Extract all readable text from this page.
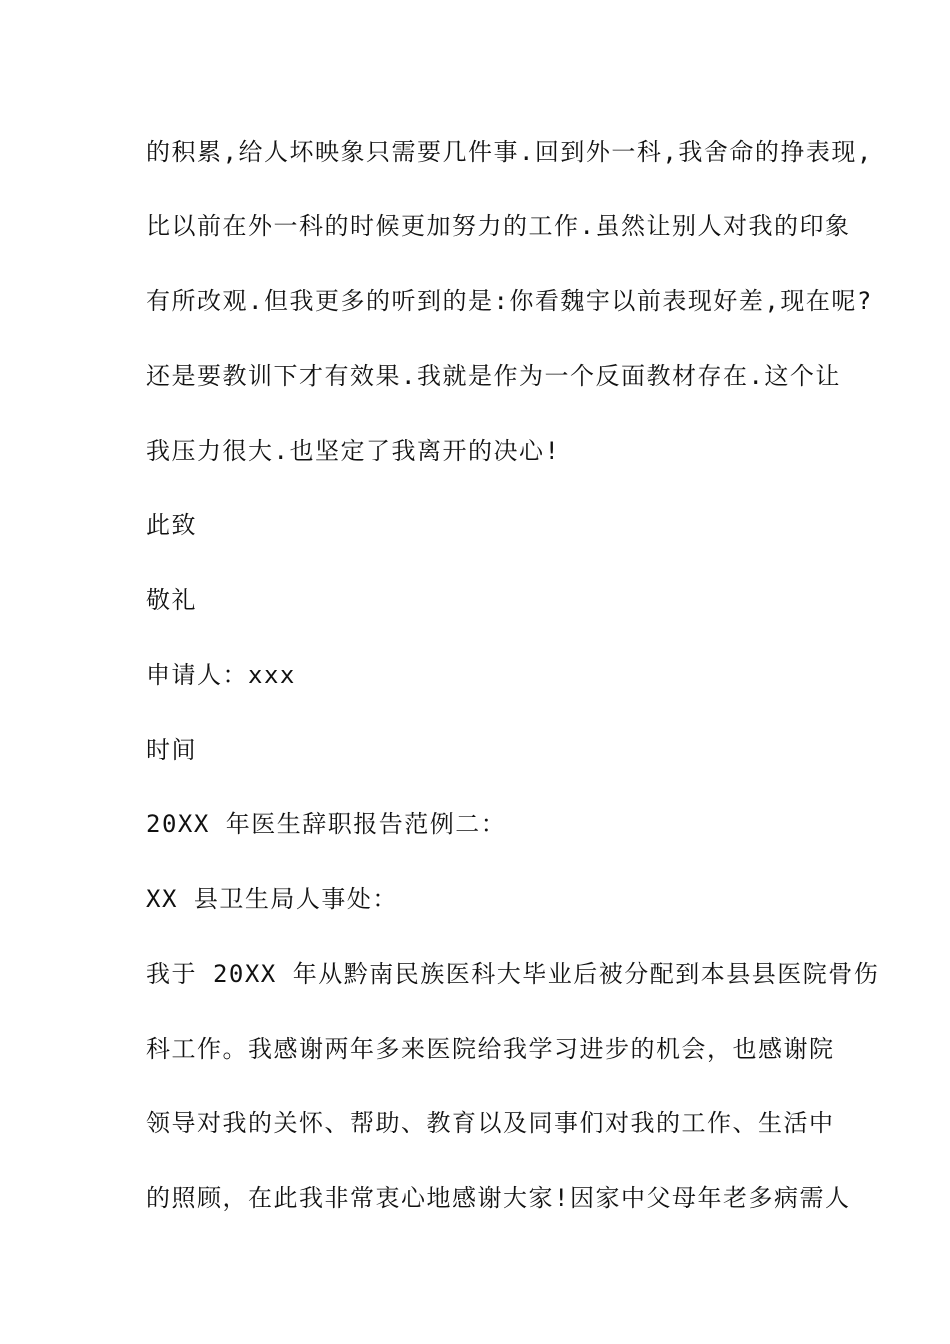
的积累,给人坏映象只需要几件事.回到外一科,我舍命的挣表现,
比以前在外一科的时候更加努力的工作.虽然让别人对我的印象
有所改观.但我更多的听到的是:你看魏宇以前表现好差,现在呢?
还是要教训下才有效果.我就是作为一个反面教材存在.这个让
我压力很大.也坚定了我离开的决心!
此致
敬礼
申请人：xxx
时间
20XX 年医生辞职报告范例二：
XX 县卫生局人事处：
我于 20XX 年从黔南民族医科大毕业后被分配到本县县医院骨伤
科工作。我感谢两年多来医院给我学习进步的机会，也感谢院
领导对我的关怀、帮助、教育以及同事们对我的工作、生活中
的照顾，在此我非常衷心地感谢大家!因家中父母年老多病需人
